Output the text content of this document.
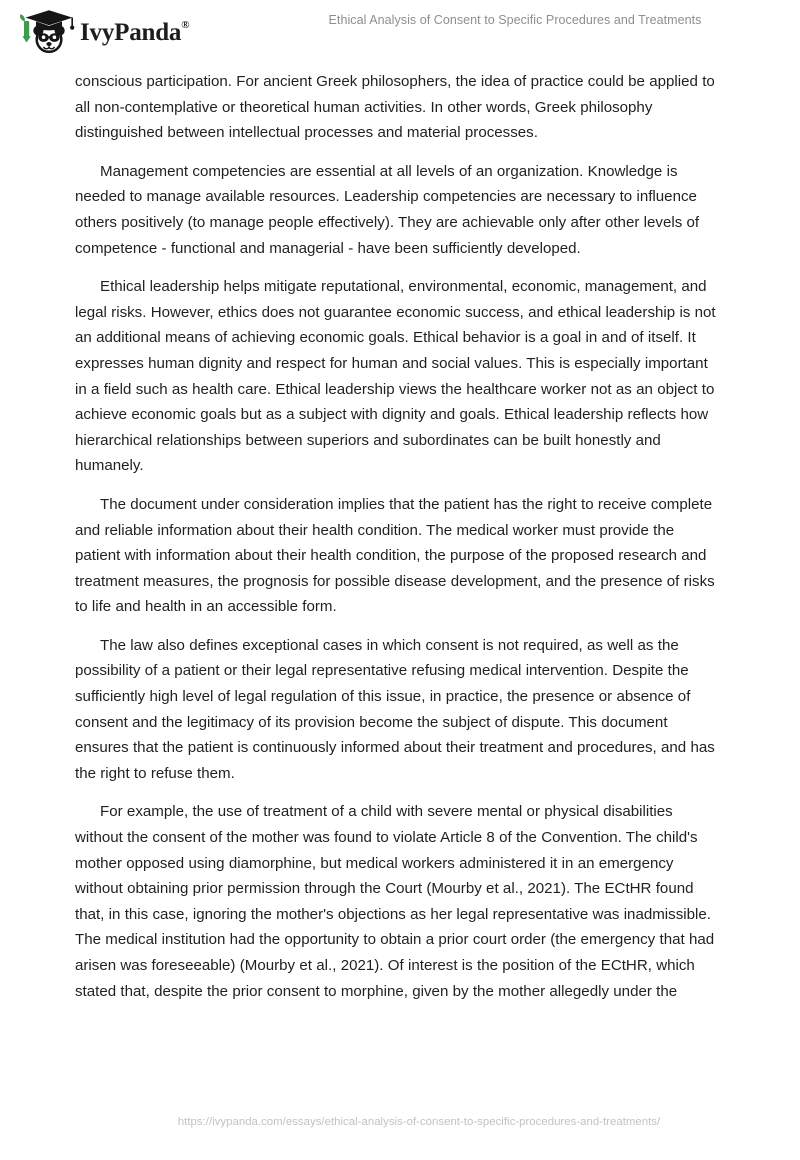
IvyPanda®	Ethical Analysis of Consent to Specific Procedures and Treatments

conscious participation. For ancient Greek philosophers, the idea of practice could be applied to all non-contemplative or theoretical human activities. In other words, Greek philosophy distinguished between intellectual processes and material processes.

Management competencies are essential at all levels of an organization. Knowledge is needed to manage available resources. Leadership competencies are necessary to influence others positively (to manage people effectively). They are achievable only after other levels of competence - functional and managerial - have been sufficiently developed.

Ethical leadership helps mitigate reputational, environmental, economic, management, and legal risks. However, ethics does not guarantee economic success, and ethical leadership is not an additional means of achieving economic goals. Ethical behavior is a goal in and of itself. It expresses human dignity and respect for human and social values. This is especially important in a field such as health care. Ethical leadership views the healthcare worker not as an object to achieve economic goals but as a subject with dignity and goals. Ethical leadership reflects how hierarchical relationships between superiors and subordinates can be built honestly and humanely.

The document under consideration implies that the patient has the right to receive complete and reliable information about their health condition. The medical worker must provide the patient with information about their health condition, the purpose of the proposed research and treatment measures, the prognosis for possible disease development, and the presence of risks to life and health in an accessible form.

The law also defines exceptional cases in which consent is not required, as well as the possibility of a patient or their legal representative refusing medical intervention. Despite the sufficiently high level of legal regulation of this issue, in practice, the presence or absence of consent and the legitimacy of its provision become the subject of dispute. This document ensures that the patient is continuously informed about their treatment and procedures, and has the right to refuse them.

For example, the use of treatment of a child with severe mental or physical disabilities without the consent of the mother was found to violate Article 8 of the Convention. The child's mother opposed using diamorphine, but medical workers administered it in an emergency without obtaining prior permission through the Court (Mourby et al., 2021). The ECtHR found that, in this case, ignoring the mother's objections as her legal representative was inadmissible. The medical institution had the opportunity to obtain a prior court order (the emergency that had arisen was foreseeable) (Mourby et al., 2021). Of interest is the position of the ECtHR, which stated that, despite the prior consent to morphine, given by the mother allegedly under the

https://ivypanda.com/essays/ethical-analysis-of-consent-to-specific-procedures-and-treatments/
